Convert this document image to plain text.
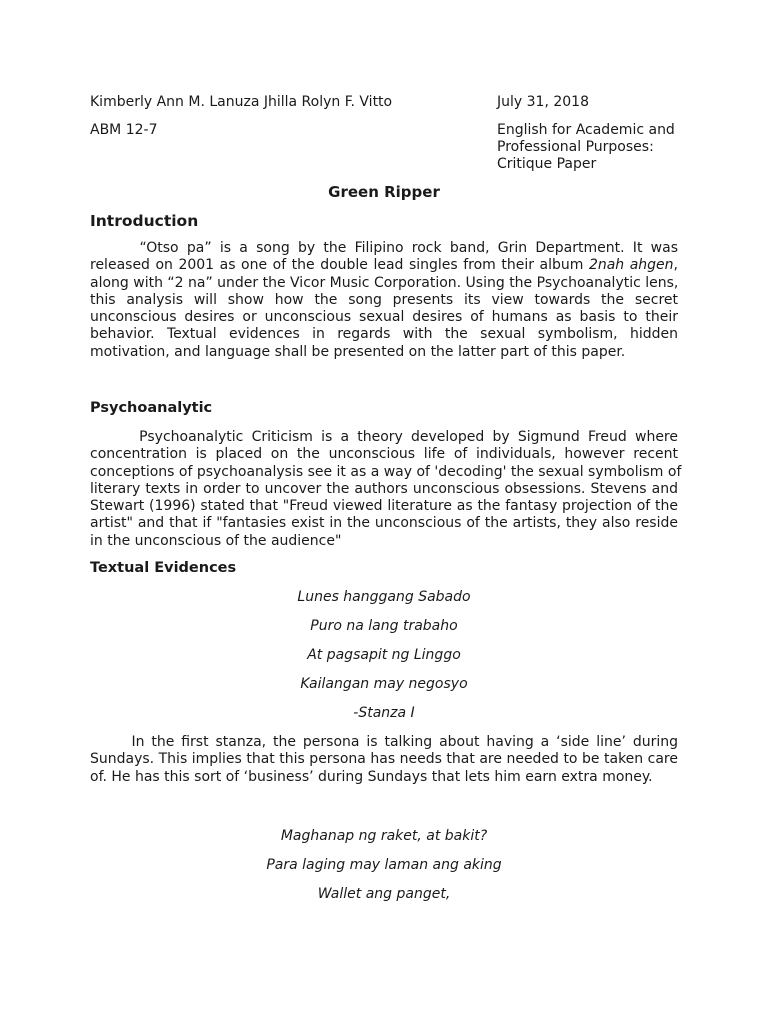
Kimberly Ann M. Lanuza Jhilla Rolyn F. Vitto	July 31, 2018
ABM 12-7	English for Academic and
Professional Purposes:
Critique Paper
Green Ripper
Introduction
“Otso pa” is a song by the Filipino rock band, Grin Department. It was
released on 2001 as one of the double lead singles from their album 2nah ahgen,
along with “2 na” under the Vicor Music Corporation. Using the Psychoanalytic lens,
this analysis will show how the song presents its view towards the secret
unconscious desires or unconscious sexual desires of humans as basis to their
behavior. Textual evidences in regards with the sexual symbolism, hidden
motivation, and language shall be presented on the latter part of this paper.
Psychoanalytic
Psychoanalytic Criticism is a theory developed by Sigmund Freud where
concentration is placed on the unconscious life of individuals, however recent
conceptions of psychoanalysis see it as a way of 'decoding' the sexual symbolism of
literary texts in order to uncover the authors unconscious obsessions. Stevens and
Stewart (1996) stated that "Freud viewed literature as the fantasy projection of the
artist" and that if "fantasies exist in the unconscious of the artists, they also reside
in the unconscious of the audience"
Textual Evidences
Lunes hanggang Sabado
Puro na lang trabaho
At pagsapit ng Linggo
Kailangan may negosyo
-Stanza I
In the first stanza, the persona is talking about having a ‘side line’ during
Sundays. This implies that this persona has needs that are needed to be taken care
of. He has this sort of ‘business’ during Sundays that lets him earn extra money.
Maghanap ng raket, at bakit?
Para laging may laman ang aking
Wallet ang panget,
